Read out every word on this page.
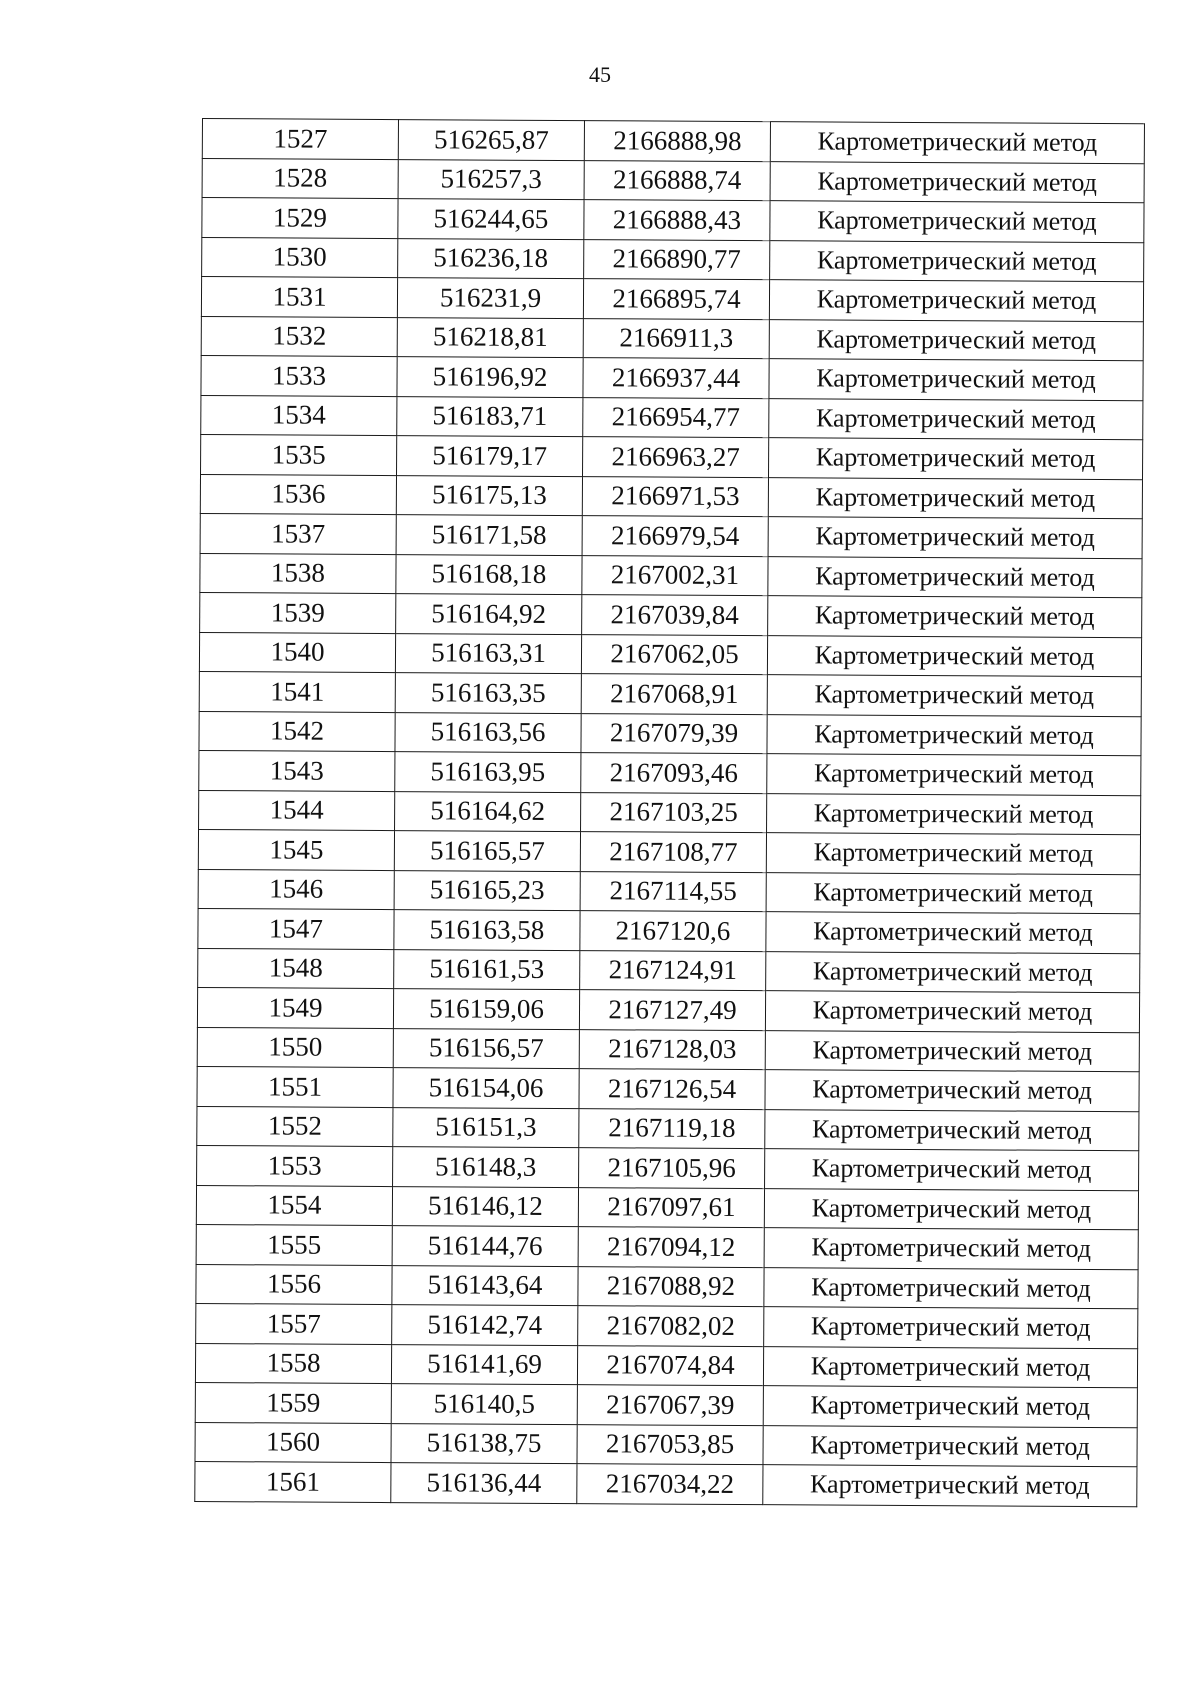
45
1527	516265,87	2166888,98	Картометрический метод
1528	516257,3	2166888,74	Картометрический метод
1529	516244,65	2166888,43	Картометрический метод
1530	516236,18	2166890,77	Картометрический метод
1531	516231,9	2166895,74	Картометрический метод
1532	516218,81	2166911,3	Картометрический метод
1533	516196,92	2166937,44	Картометрический метод
1534	516183,71	2166954,77	Картометрический метод
1535	516179,17	2166963,27	Картометрический метод
1536	516175,13	2166971,53	Картометрический метод
1537	516171,58	2166979,54	Картометрический метод
1538	516168,18	2167002,31	Картометрический метод
1539	516164,92	2167039,84	Картометрический метод
1540	516163,31	2167062,05	Картометрический метод
1541	516163,35	2167068,91	Картометрический метод
1542	516163,56	2167079,39	Картометрический метод
1543	516163,95	2167093,46	Картометрический метод
1544	516164,62	2167103,25	Картометрический метод
1545	516165,57	2167108,77	Картометрический метод
1546	516165,23	2167114,55	Картометрический метод
1547	516163,58	2167120,6	Картометрический метод
1548	516161,53	2167124,91	Картометрический метод
1549	516159,06	2167127,49	Картометрический метод
1550	516156,57	2167128,03	Картометрический метод
1551	516154,06	2167126,54	Картометрический метод
1552	516151,3	2167119,18	Картометрический метод
1553	516148,3	2167105,96	Картометрический метод
1554	516146,12	2167097,61	Картометрический метод
1555	516144,76	2167094,12	Картометрический метод
1556	516143,64	2167088,92	Картометрический метод
1557	516142,74	2167082,02	Картометрический метод
1558	516141,69	2167074,84	Картометрический метод
1559	516140,5	2167067,39	Картометрический метод
1560	516138,75	2167053,85	Картометрический метод
1561	516136,44	2167034,22	Картометрический метод
